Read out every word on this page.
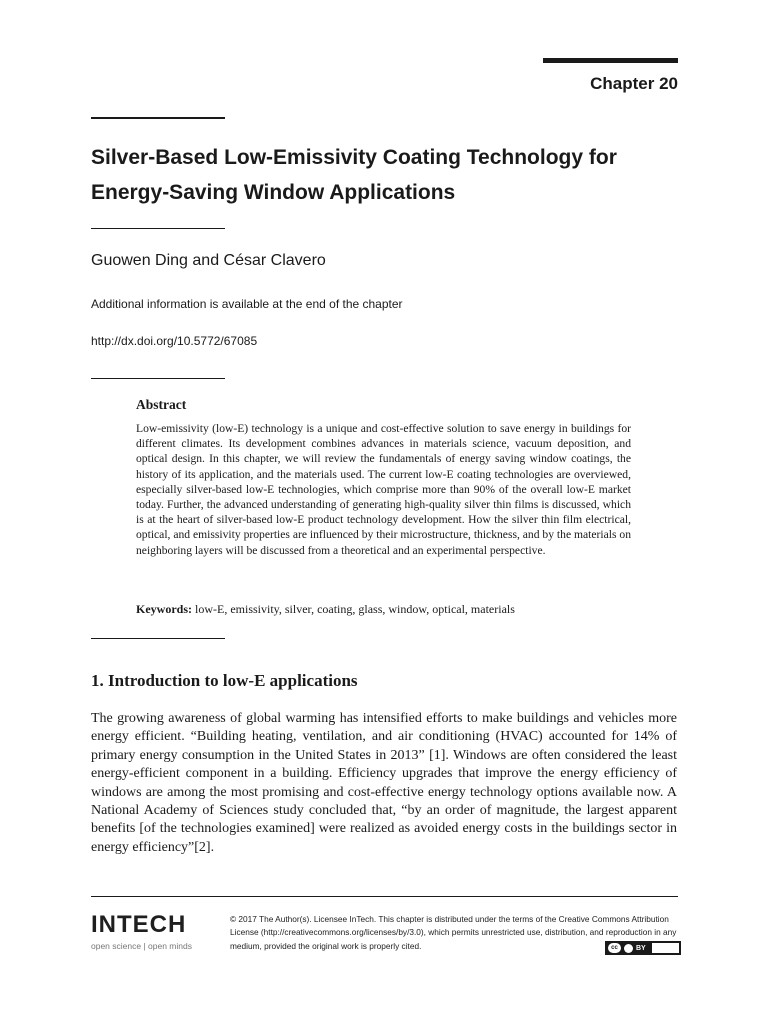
Chapter 20
Silver-Based Low-Emissivity Coating Technology for Energy-Saving Window Applications
Guowen Ding and César Clavero
Additional information is available at the end of the chapter
http://dx.doi.org/10.5772/67085
Abstract

Low-emissivity (low-E) technology is a unique and cost-effective solution to save energy in buildings for different climates. Its development combines advances in materials science, vacuum deposition, and optical design. In this chapter, we will review the fundamentals of energy saving window coatings, the history of its application, and the materials used. The current low-E coating technologies are overviewed, especially silver-based low-E technologies, which comprise more than 90% of the overall low-E market today. Further, the advanced understanding of generating high-quality silver thin films is discussed, which is at the heart of silver-based low-E product technology development. How the silver thin film electrical, optical, and emissivity properties are influenced by their microstructure, thickness, and by the materials on neighboring layers will be discussed from a theoretical and an experimental perspective.

Keywords: low-E, emissivity, silver, coating, glass, window, optical, materials
1. Introduction to low-E applications

The growing awareness of global warming has intensified efforts to make buildings and vehicles more energy efficient. “Building heating, ventilation, and air conditioning (HVAC) accounted for 14% of primary energy consumption in the United States in 2013” [1]. Windows are often considered the least energy-efficient component in a building. Efficiency upgrades that improve the energy efficiency of windows are among the most promising and cost-effective energy technology options available now. A National Academy of Sciences study concluded that, “by an order of magnitude, the largest apparent benefits [of the technologies examined] were realized as avoided energy costs in the buildings sector in energy efficiency”[2].

INTECH
open science | open minds

© 2017 The Author(s). Licensee InTech. This chapter is distributed under the terms of the Creative Commons Attribution License (http://creativecommons.org/licenses/by/3.0), which permits unrestricted use, distribution, and reproduction in any medium, provided the original work is properly cited.	cc	BY
